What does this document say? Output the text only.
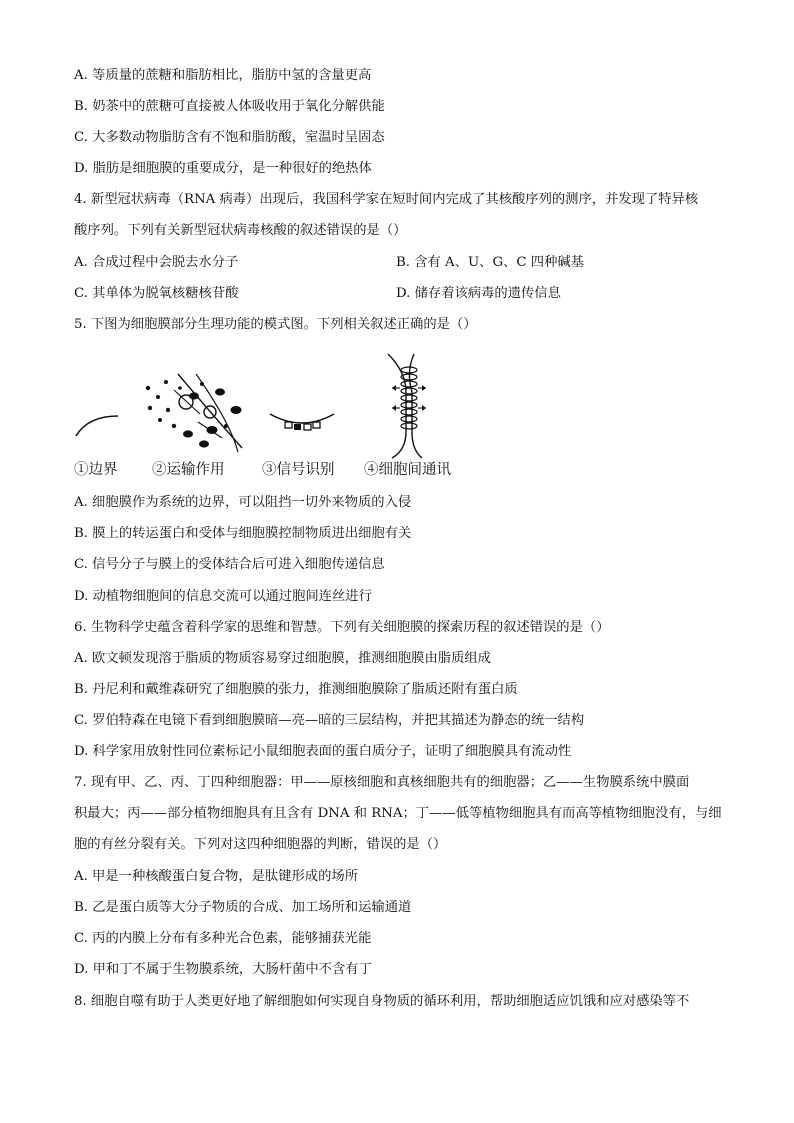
A. 等质量的蔗糖和脂肪相比，脂肪中氢的含量更高
B. 奶茶中的蔗糖可直接被人体吸收用于氧化分解供能
C. 大多数动物脂肪含有不饱和脂肪酸，室温时呈固态
D. 脂肪是细胞膜的重要成分，是一种很好的绝热体
4. 新型冠状病毒（RNA 病毒）出现后，我国科学家在短时间内完成了其核酸序列的测序，并发现了特异核
酸序列。下列有关新型冠状病毒核酸的叙述错误的是（）
A. 合成过程中会脱去水分子	B. 含有 A、U、G、C 四种碱基
C. 其单体为脱氧核糖核苷酸	D. 储存着该病毒的遗传信息
5. 下图为细胞膜部分生理功能的模式图。下列相关叙述正确的是（）
①边界 ②运输作用	③信号识别 ④细胞间通讯
A. 细胞膜作为系统的边界，可以阻挡一切外来物质的入侵
B. 膜上的转运蛋白和受体与细胞膜控制物质进出细胞有关
C. 信号分子与膜上的受体结合后可进入细胞传递信息
D. 动植物细胞间的信息交流可以通过胞间连丝进行
6. 生物科学史蕴含着科学家的思维和智慧。下列有关细胞膜的探索历程的叙述错误的是（）
A. 欧文顿发现溶于脂质的物质容易穿过细胞膜，推测细胞膜由脂质组成
B. 丹尼利和戴维森研究了细胞膜的张力，推测细胞膜除了脂质还附有蛋白质
C. 罗伯特森在电镜下看到细胞膜暗—亮—暗的三层结构，并把其描述为静态的统一结构
D. 科学家用放射性同位素标记小鼠细胞表面的蛋白质分子，证明了细胞膜具有流动性
7. 现有甲、乙、丙、丁四种细胞器：甲——原核细胞和真核细胞共有的细胞器；乙——生物膜系统中膜面
积最大；丙——部分植物细胞具有且含有 DNA 和 RNA；丁——低等植物细胞具有而高等植物细胞没有，与细
胞的有丝分裂有关。下列对这四种细胞器的判断，错误的是（）
A. 甲是一种核酸蛋白复合物，是肽键形成的场所
B. 乙是蛋白质等大分子物质的合成、加工场所和运输通道
C. 丙的内膜上分布有多种光合色素，能够捕获光能
D. 甲和丁不属于生物膜系统，大肠杆菌中不含有丁
8. 细胞自噬有助于人类更好地了解细胞如何实现自身物质的循环利用，帮助细胞适应饥饿和应对感染等不
